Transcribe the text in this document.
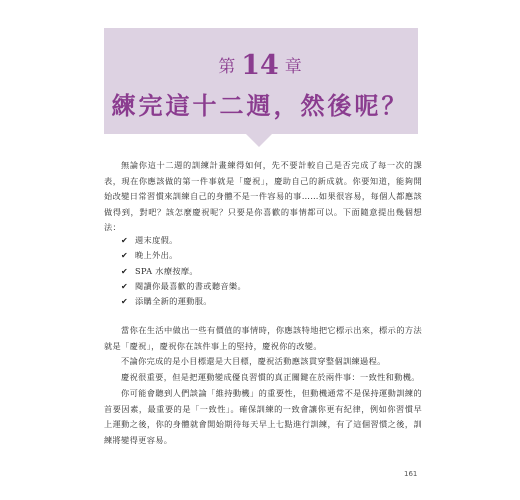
第 14 章
練完這十二週，然後呢？

無論你這十二週的訓練計畫練得如何，先不要計較自己是否完成了每一次的課表，現在你應該做的第一件事就是「慶祝」，慶助自己的新成就。你要知道，能夠開始改變日常習慣來訓練自己的身體不是一件容易的事……如果很容易，每個人都應該做得到，對吧？該怎麼慶祝呢？只要是你喜歡的事情都可以。下面隨意提出幾個想法：

✔ 週末度假。
✔ 晚上外出。
✔ SPA 水療按摩。
✔ 閱讀你最喜歡的書或聽音樂。
✔ 添購全新的運動服。

當你在生活中做出一些有價值的事情時，你應該特地把它標示出來，標示的方法就是「慶祝」，慶祝你在該件事上的堅持，慶祝你的改變。

不論你完成的是小目標還是大目標，慶祝活動應該貫穿整個訓練過程。

慶祝很重要，但是把運動變成優良習慣的真正關鍵在於兩件事：一致性和動機。

你可能會聽到人們談論「維持動機」的重要性，但動機通常不是保持運動訓練的首要因素，最重要的是「一致性」。確保訓練的一致會讓你更有紀律，例如你習慣早上運動之後，你的身體就會開始期待每天早上七點進行訓練，有了這個習慣之後，訓練將變得更容易。

161
